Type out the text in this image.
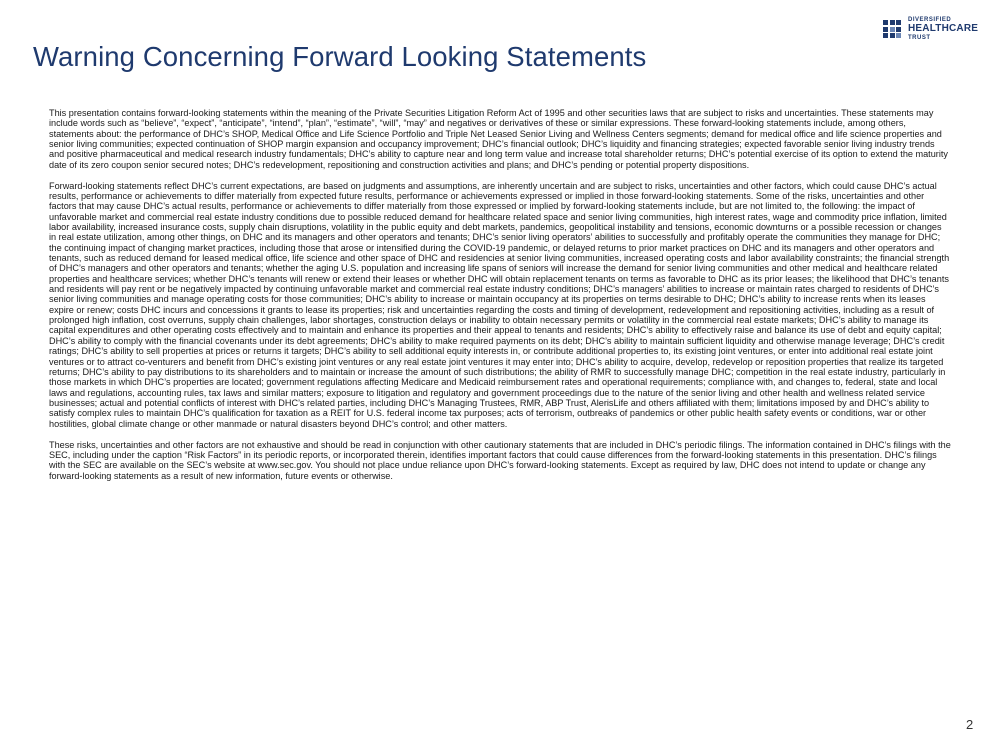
Warning Concerning Forward Looking Statements
DIVERSIFIED
HEALTHCARE
TRUST

This presentation contains forward-looking statements within the meaning of the Private Securities Litigation Reform Act of 1995 and other securities laws that are subject to risks and uncertainties. These statements may include words such as “believe”, “expect”, “anticipate”, “intend”, “plan”, “estimate”, “will”, “may” and negatives or derivatives of these or similar expressions. These forward-looking statements include, among others, statements about: the performance of DHC’s SHOP, Medical Office and Life Science Portfolio and Triple Net Leased Senior Living and Wellness Centers segments; demand for medical office and life science properties and senior living communities; expected continuation of SHOP margin expansion and occupancy improvement; DHC’s financial outlook; DHC’s liquidity and financing strategies; expected favorable senior living industry trends and positive pharmaceutical and medical research industry fundamentals; DHC’s ability to capture near and long term value and increase total shareholder returns; DHC’s potential exercise of its option to extend the maturity date of its zero coupon senior secured notes; DHC’s redevelopment, repositioning and construction activities and plans; and DHC’s pending or potential property dispositions.

Forward-looking statements reflect DHC’s current expectations, are based on judgments and assumptions, are inherently uncertain and are subject to risks, uncertainties and other factors, which could cause DHC’s actual results, performance or achievements to differ materially from expected future results, performance or achievements expressed or implied in those forward-looking statements. Some of the risks, uncertainties and other factors that may cause DHC’s actual results, performance or achievements to differ materially from those expressed or implied by forward-looking statements include, but are not limited to, the following: the impact of unfavorable market and commercial real estate industry conditions due to possible reduced demand for healthcare related space and senior living communities, high interest rates, wage and commodity price inflation, limited labor availability, increased insurance costs, supply chain disruptions, volatility in the public equity and debt markets, pandemics, geopolitical instability and tensions, economic downturns or a possible recession or changes in real estate utilization, among other things, on DHC and its managers and other operators and tenants; DHC’s senior living operators’ abilities to successfully and profitably operate the communities they manage for DHC; the continuing impact of changing market practices, including those that arose or intensified during the COVID-19 pandemic, or delayed returns to prior market practices on DHC and its managers and other operators and tenants, such as reduced demand for leased medical office, life science and other space of DHC and residencies at senior living communities, increased operating costs and labor availability constraints; the financial strength of DHC’s managers and other operators and tenants; whether the aging U.S. population and increasing life spans of seniors will increase the demand for senior living communities and other medical and healthcare related properties and healthcare services; whether DHC’s tenants will renew or extend their leases or whether DHC will obtain replacement tenants on terms as favorable to DHC as its prior leases; the likelihood that DHC’s tenants and residents will pay rent or be negatively impacted by continuing unfavorable market and commercial real estate industry conditions; DHC’s managers’ abilities to increase or maintain rates charged to residents of DHC’s senior living communities and manage operating costs for those communities; DHC’s ability to increase or maintain occupancy at its properties on terms desirable to DHC; DHC’s ability to increase rents when its leases expire or renew; costs DHC incurs and concessions it grants to lease its properties; risk and uncertainties regarding the costs and timing of development, redevelopment and repositioning activities, including as a result of prolonged high inflation, cost overruns, supply chain challenges, labor shortages, construction delays or inability to obtain necessary permits or volatility in the commercial real estate markets; DHC’s ability to manage its capital expenditures and other operating costs effectively and to maintain and enhance its properties and their appeal to tenants and residents; DHC’s ability to effectively raise and balance its use of debt and equity capital; DHC’s ability to comply with the financial covenants under its debt agreements; DHC’s ability to make required payments on its debt; DHC’s ability to maintain sufficient liquidity and otherwise manage leverage; DHC’s credit ratings; DHC’s ability to sell properties at prices or returns it targets; DHC’s ability to sell additional equity interests in, or contribute additional properties to, its existing joint ventures, or enter into additional real estate joint ventures or to attract co-venturers and benefit from DHC’s existing joint ventures or any real estate joint ventures it may enter into; DHC’s ability to acquire, develop, redevelop or reposition properties that realize its targeted returns; DHC’s ability to pay distributions to its shareholders and to maintain or increase the amount of such distributions; the ability of RMR to successfully manage DHC; competition in the real estate industry, particularly in those markets in which DHC’s properties are located; government regulations affecting Medicare and Medicaid reimbursement rates and operational requirements; compliance with, and changes to, federal, state and local laws and regulations, accounting rules, tax laws and similar matters; exposure to litigation and regulatory and government proceedings due to the nature of the senior living and other health and wellness related service businesses; actual and potential conflicts of interest with DHC’s related parties, including DHC’s Managing Trustees, RMR, ABP Trust, AlerisLife and others affiliated with them; limitations imposed by and DHC’s ability to satisfy complex rules to maintain DHC’s qualification for taxation as a REIT for U.S. federal income tax purposes; acts of terrorism, outbreaks of pandemics or other public health safety events or conditions, war or other hostilities, global climate change or other manmade or natural disasters beyond DHC’s control; and other matters.

These risks, uncertainties and other factors are not exhaustive and should be read in conjunction with other cautionary statements that are included in DHC’s periodic filings. The information contained in DHC’s filings with the SEC, including under the caption “Risk Factors” in its periodic reports, or incorporated therein, identifies important factors that could cause differences from the forward-looking statements in this presentation. DHC’s filings with the SEC are available on the SEC’s website at www.sec.gov. You should not place undue reliance upon DHC’s forward-looking statements. Except as required by law, DHC does not intend to update or change any forward-looking statements as a result of new information, future events or otherwise.

2
